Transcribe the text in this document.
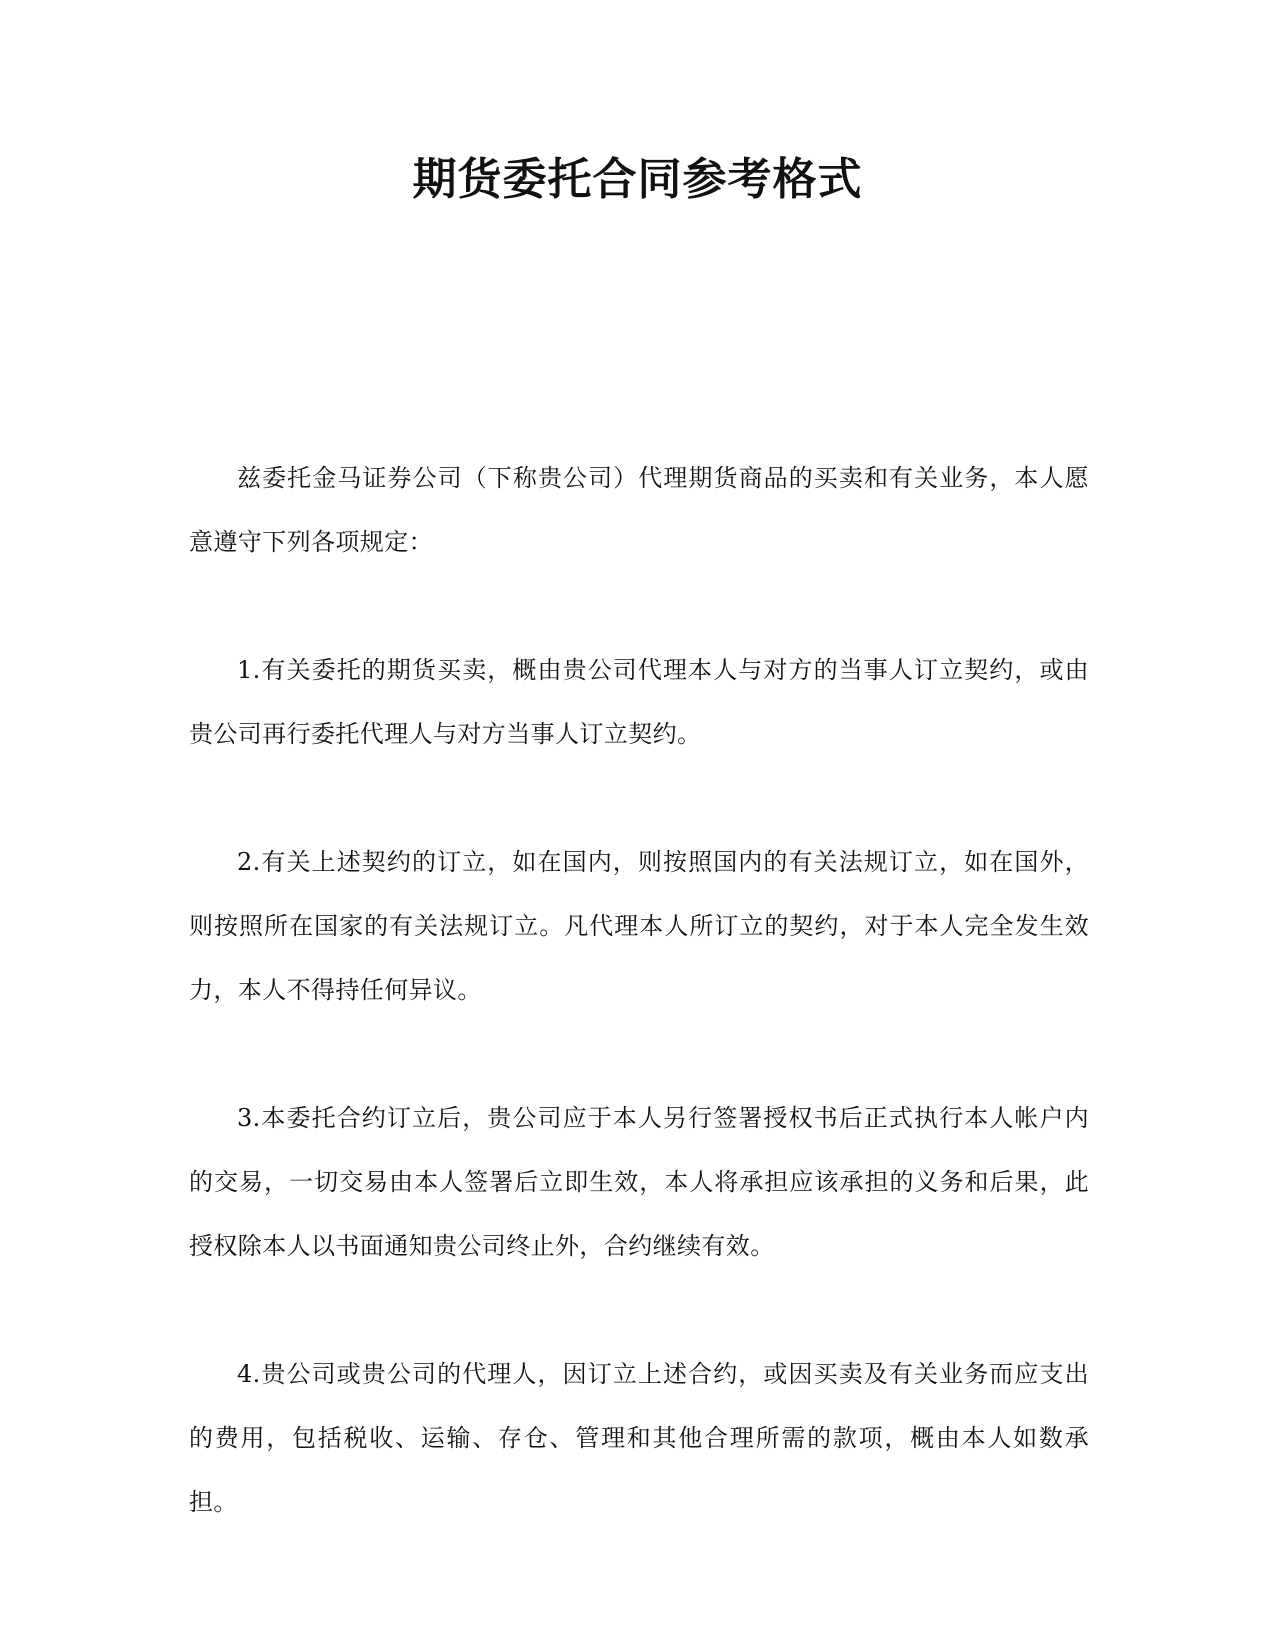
期货委托合同参考格式

兹委托金马证券公司（下称贵公司）代理期货商品的买卖和有关业务，本人愿意遵守下列各项规定：

1.有关委托的期货买卖，概由贵公司代理本人与对方的当事人订立契约，或由贵公司再行委托代理人与对方当事人订立契约。

2.有关上述契约的订立，如在国内，则按照国内的有关法规订立，如在国外，则按照所在国家的有关法规订立。凡代理本人所订立的契约，对于本人完全发生效力，本人不得持任何异议。

3.本委托合约订立后，贵公司应于本人另行签署授权书后正式执行本人帐户内的交易，一切交易由本人签署后立即生效，本人将承担应该承担的义务和后果，此授权除本人以书面通知贵公司终止外，合约继续有效。

4.贵公司或贵公司的代理人，因订立上述合约，或因买卖及有关业务而应支出的费用，包括税收、运输、存仓、管理和其他合理所需的款项，概由本人如数承担。
